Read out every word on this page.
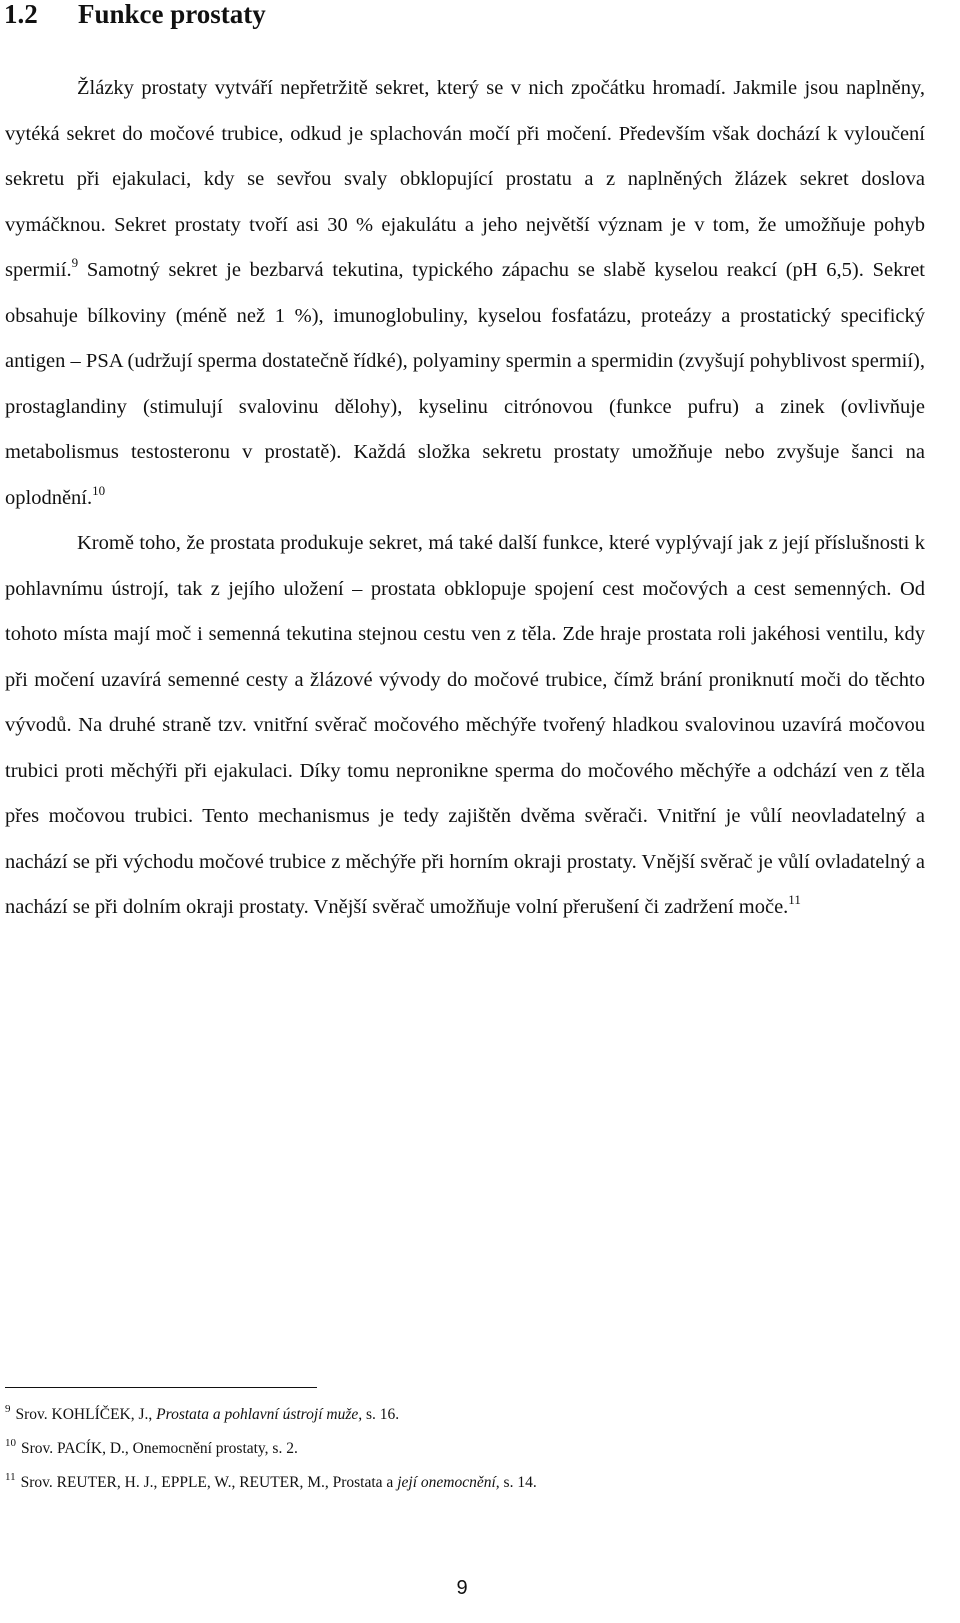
1.2 Funkce prostaty

Žlázky prostaty vytváří nepřetržitě sekret, který se v nich zpočátku hromadí. Jakmile jsou naplněny, vytéká sekret do močové trubice, odkud je splachován močí při močení. Především však dochází k vyloučení sekretu při ejakulaci, kdy se sevřou svaly obklopující prostatu a z naplněných žlázek sekret doslova vymáčknou. Sekret prostaty tvoří asi 30 % ejakulátu a jeho největší význam je v tom, že umožňuje pohyb spermií.$^9$ Samotný sekret je bezbarvá tekutina, typického zápachu se slabě kyselou reakcí (pH 6,5). Sekret obsahuje bílkoviny (méně než 1 %), imunoglobuliny, kyselou fosfatázu, proteázy a prostatický specifický antigen – PSA (udržují sperma dostatečně řídké), polyaminy spermin a spermidin (zvyšují pohyblivost spermií), prostaglandiny (stimulují svalovinu dělohy), kyselinu citrónovou (funkce pufru) a zinek (ovlivňuje metabolismus testosteronu v prostatě). Každá složka sekretu prostaty umožňuje nebo zvyšuje šanci na oplodnění.$^{10}$

Kromě toho, že prostata produkuje sekret, má také další funkce, které vyplývají jak z její příslušnosti k pohlavnímu ústrojí, tak z jejího uložení – prostata obklopuje spojení cest močových a cest semenných. Od tohoto místa mají moč i semenná tekutina stejnou cestu ven z těla. Zde hraje prostata roli jakéhosi ventilu, kdy při močení uzavírá semenné cesty a žlázové vývody do močové trubice, čímž brání proniknutí moči do těchto vývodů. Na druhé straně tzv. vnitřní svěrač močového měchýře tvořený hladkou svalovinou uzavírá močovou trubici proti měchýři při ejakulaci. Díky tomu nepronikne sperma do močového měchýře a odchází ven z těla přes močovou trubici. Tento mechanismus je tedy zajištěn dvěma svěrači. Vnitřní je vůlí neovladatelný a nachází se při východu močové trubice z měchýře při horním okraji prostaty. Vnější svěrač je vůlí ovladatelný a nachází se při dolním okraji prostaty. Vnější svěrač umožňuje volní přerušení či zadržení moče.$^{11}$

$^9$ Srov. KOHLÍČEK, J., Prostata a pohlavní ústrojí muže, s. 16.
$^{10}$ Srov. PACÍK, D., Onemocnění prostaty, s. 2.
$^{11}$ Srov. REUTER, H. J., EPPLE, W., REUTER, M., Prostata a její onemocnění, s. 14.
9
